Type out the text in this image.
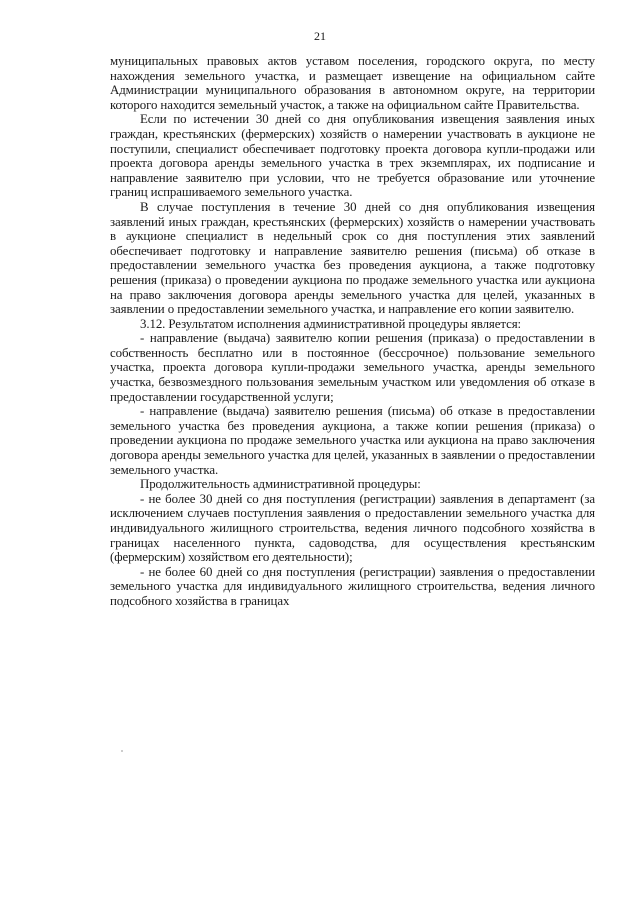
21

муниципальных правовых актов уставом поселения, городского округа, по месту нахождения земельного участка, и размещает извещение на официальном сайте Администрации муниципального образования в автономном округе, на территории которого находится земельный участок, а также на официальном сайте Правительства.

Если по истечении 30 дней со дня опубликования извещения заявления иных граждан, крестьянских (фермерских) хозяйств о намерении участвовать в аукционе не поступили, специалист обеспечивает подготовку проекта договора купли-продажи или проекта договора аренды земельного участка в трех экземплярах, их подписание и направление заявителю при условии, что не требуется образование или уточнение границ испрашиваемого земельного участка.

В случае поступления в течение 30 дней со дня опубликования извещения заявлений иных граждан, крестьянских (фермерских) хозяйств о намерении участвовать в аукционе специалист в недельный срок со дня поступления этих заявлений обеспечивает подготовку и направление заявителю решения (письма) об отказе в предоставлении земельного участка без проведения аукциона, а также подготовку решения (приказа) о проведении аукциона по продаже земельного участка или аукциона на право заключения договора аренды земельного участка для целей, указанных в заявлении о предоставлении земельного участка, и направление его копии заявителю.

3.12. Результатом исполнения административной процедуры является:

- направление (выдача) заявителю копии решения (приказа) о предоставлении в собственность бесплатно или в постоянное (бессрочное) пользование земельного участка, проекта договора купли-продажи земельного участка, аренды земельного участка, безвозмездного пользования земельным участком или уведомления об отказе в предоставлении государственной услуги;

- направление (выдача) заявителю решения (письма) об отказе в предоставлении земельного участка без проведения аукциона, а также копии решения (приказа) о проведении аукциона по продаже земельного участка или аукциона на право заключения договора аренды земельного участка для целей, указанных в заявлении о предоставлении земельного участка.

Продолжительность административной процедуры:

- не более 30 дней со дня поступления (регистрации) заявления в департамент (за исключением случаев поступления заявления о предоставлении земельного участка для индивидуального жилищного строительства, ведения личного подсобного хозяйства в границах населенного пункта, садоводства, для осуществления крестьянским (фермерским) хозяйством его деятельности);

- не более 60 дней со дня поступления (регистрации) заявления о предоставлении земельного участка для индивидуального жилищного строительства, ведения личного подсобного хозяйства в границах
